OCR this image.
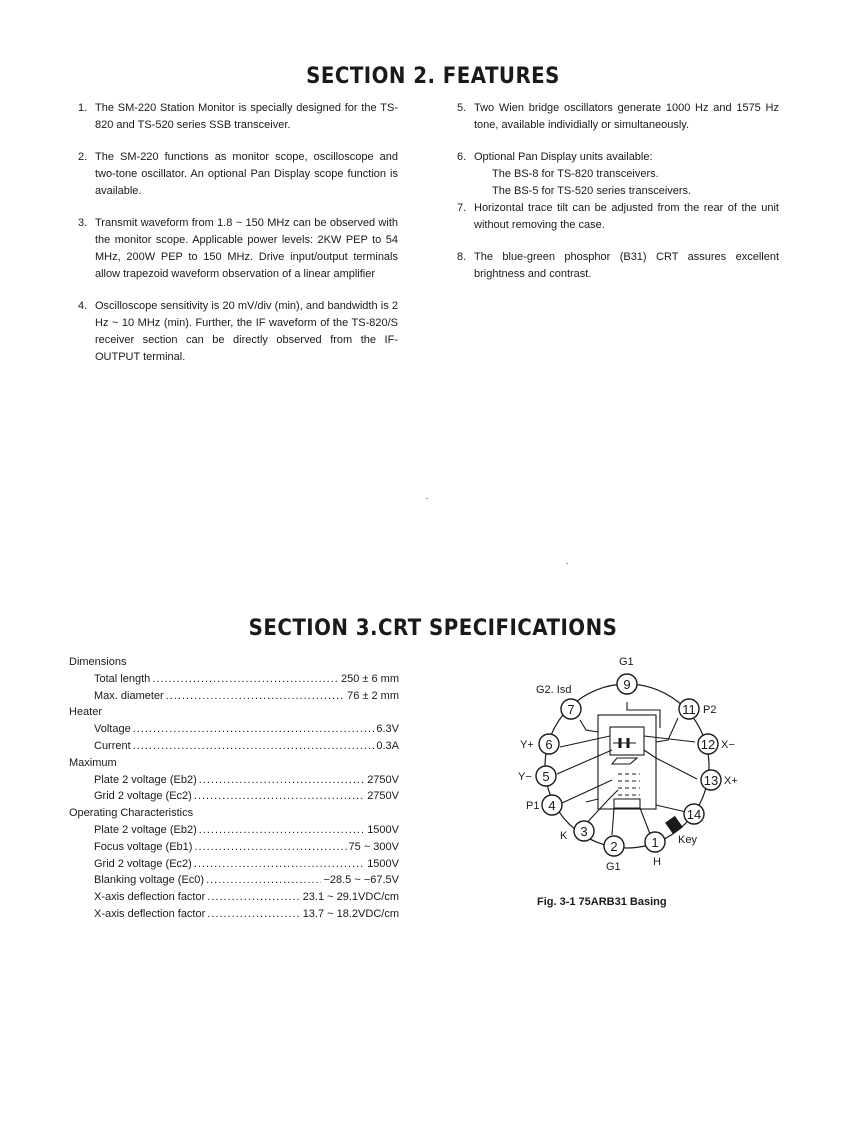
SECTION 2. FEATURES
1. The SM-220 Station Monitor is specially designed for the TS-820 and TS-520 series SSB transceiver.
2. The SM-220 functions as monitor scope, oscilloscope and two-tone oscillator. An optional Pan Display scope function is available.
3. Transmit waveform from 1.8 ~ 150 MHz can be observed with the monitor scope. Applicable power levels: 2KW PEP to 54 MHz, 200W PEP to 150 MHz. Drive input/output terminals allow trapezoid waveform observation of a linear amplifier
4. Oscilloscope sensitivity is 20 mV/div (min), and bandwidth is 2 Hz ~ 10 MHz (min). Further, the IF waveform of the TS-820/S receiver section can be directly observed from the IF-OUTPUT terminal.
5. Two Wien bridge oscillators generate 1000 Hz and 1575 Hz tone, available individially or simultaneously.
6. Optional Pan Display units available:
The BS-8 for TS-820 transceivers.
The BS-5 for TS-520 series transceivers.
7. Horizontal trace tilt can be adjusted from the rear of the unit without removing the case.
8. The blue-green phosphor (B31) CRT assures excellent brightness and contrast.
SECTION 3.CRT SPECIFICATIONS
Dimensions
Total length .....	250 ± 6 mm
Max. diameter .....	76 ± 2 mm
Heater
Voltage .....	6.3V
Current .....	0.3A
Maximum
Plate 2 voltage (Eb2) .....	2750V
Grid 2 voltage (Ec2) .....	2750V
Operating Characteristics
Plate 2 voltage (Eb2) .....	1500V
Focus voltage (Eb1) .....	75 ~ 300V
Grid 2 voltage (Ec2) .....	1500V
Blanking voltage (Ec0) .....	−28.5 ~ −67.5V
X-axis deflection factor .....	23.1 ~ 29.1VDC/cm
X-axis deflection factor .....	13.7 ~ 18.2VDC/cm
9
7	11
6	12
5	13
4
14
3
2	1
G1
G2. Isd
P2
Y+	X−
Y−	X+
P1
K	Key
G1	H
Fig. 3-1 75ARB31 Basing
